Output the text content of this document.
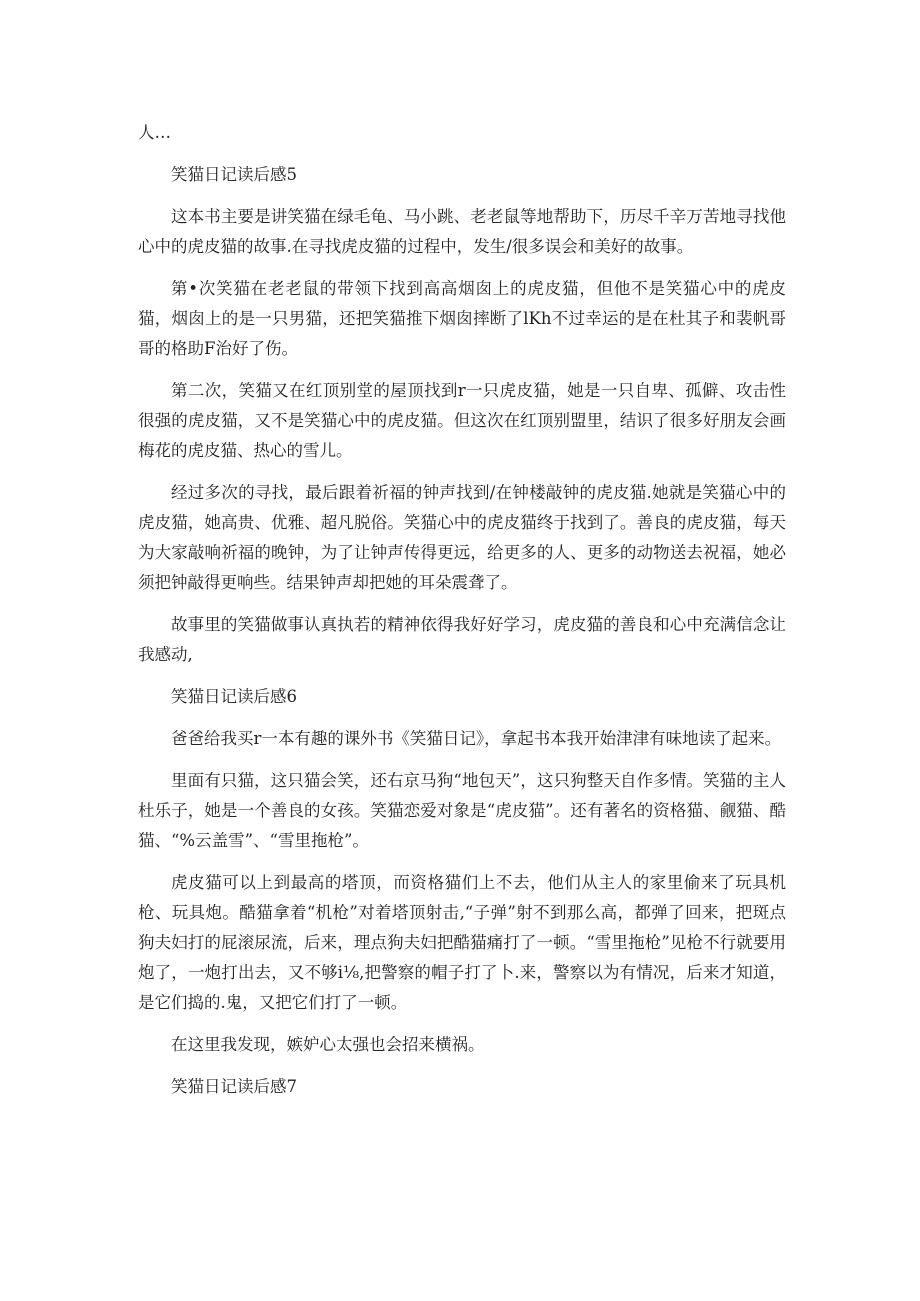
人…

笑猫日记读后感5

这本书主要是讲笑猫在绿毛龟、马小跳、老老鼠等地帮助下，历尽千辛万苦地寻找他心中的虎皮猫的故事.在寻找虎皮猫的过程中，发生/很多误会和美好的故事。

第•次笑猫在老老鼠的带领下找到高高烟囱上的虎皮猫，但他不是笑猫心中的虎皮猫，烟囱上的是一只男猫，还把笑猫推下烟囱摔断了lKh不过幸运的是在杜其子和裴帆哥哥的格助F治好了伤。

第二次，笑猫又在红顶别堂的屋顶找到r一只虎皮猫，她是一只自卑、孤僻、攻击性很强的虎皮猫，又不是笑猫心中的虎皮猫。但这次在红顶别盟里，结识了很多好朋友会画梅花的虎皮猫、热心的雪儿。

经过多次的寻找，最后跟着祈福的钟声找到/在钟楼敲钟的虎皮猫.她就是笑猫心中的虎皮猫，她高贵、优雅、超凡脱俗。笑猫心中的虎皮猫终于找到了。善良的虎皮猫，每天为大家敲响祈福的晚钟，为了让钟声传得更远，给更多的人、更多的动物送去祝福，她必须把钟敲得更响些。结果钟声却把她的耳朵震聋了。

故事里的笑猫做事认真执若的精神依得我好好学习，虎皮猫的善良和心中充满信念让我感动,

笑猫日记读后感6

爸爸给我买r一本有趣的课外书《笑猫日记》，拿起书本我开始津津有味地读了起来。

里面有只猫，这只猫会笑，还右京马狗“地包天”，这只狗整天自作多情。笑猫的主人杜乐子，她是一个善良的女孩。笑猫恋爱对象是“虎皮猫”。还有著名的资格猫、觎猫、酷猫、“%云盖雪”、“雪里拖枪”。

虎皮猫可以上到最高的塔顶，而资格猫们上不去，他们从主人的家里偷来了玩具机枪、玩具炮。酷猫拿着“机枪”对着塔顶射击,“子弹”射不到那么高，都弹了回来，把斑点狗夫妇打的屁滚尿流，后来，理点狗夫妇把酷猫痛打了一顿。“雪里拖枪”见枪不行就要用炮了，一炮打出去，又不够i⅛,把警察的帽子打了卜.来，警察以为有情况，后来才知道，是它们捣的.鬼，又把它们打了一顿。

在这里我发现，嫉妒心太强也会招来横祸。

笑猫日记读后感7
